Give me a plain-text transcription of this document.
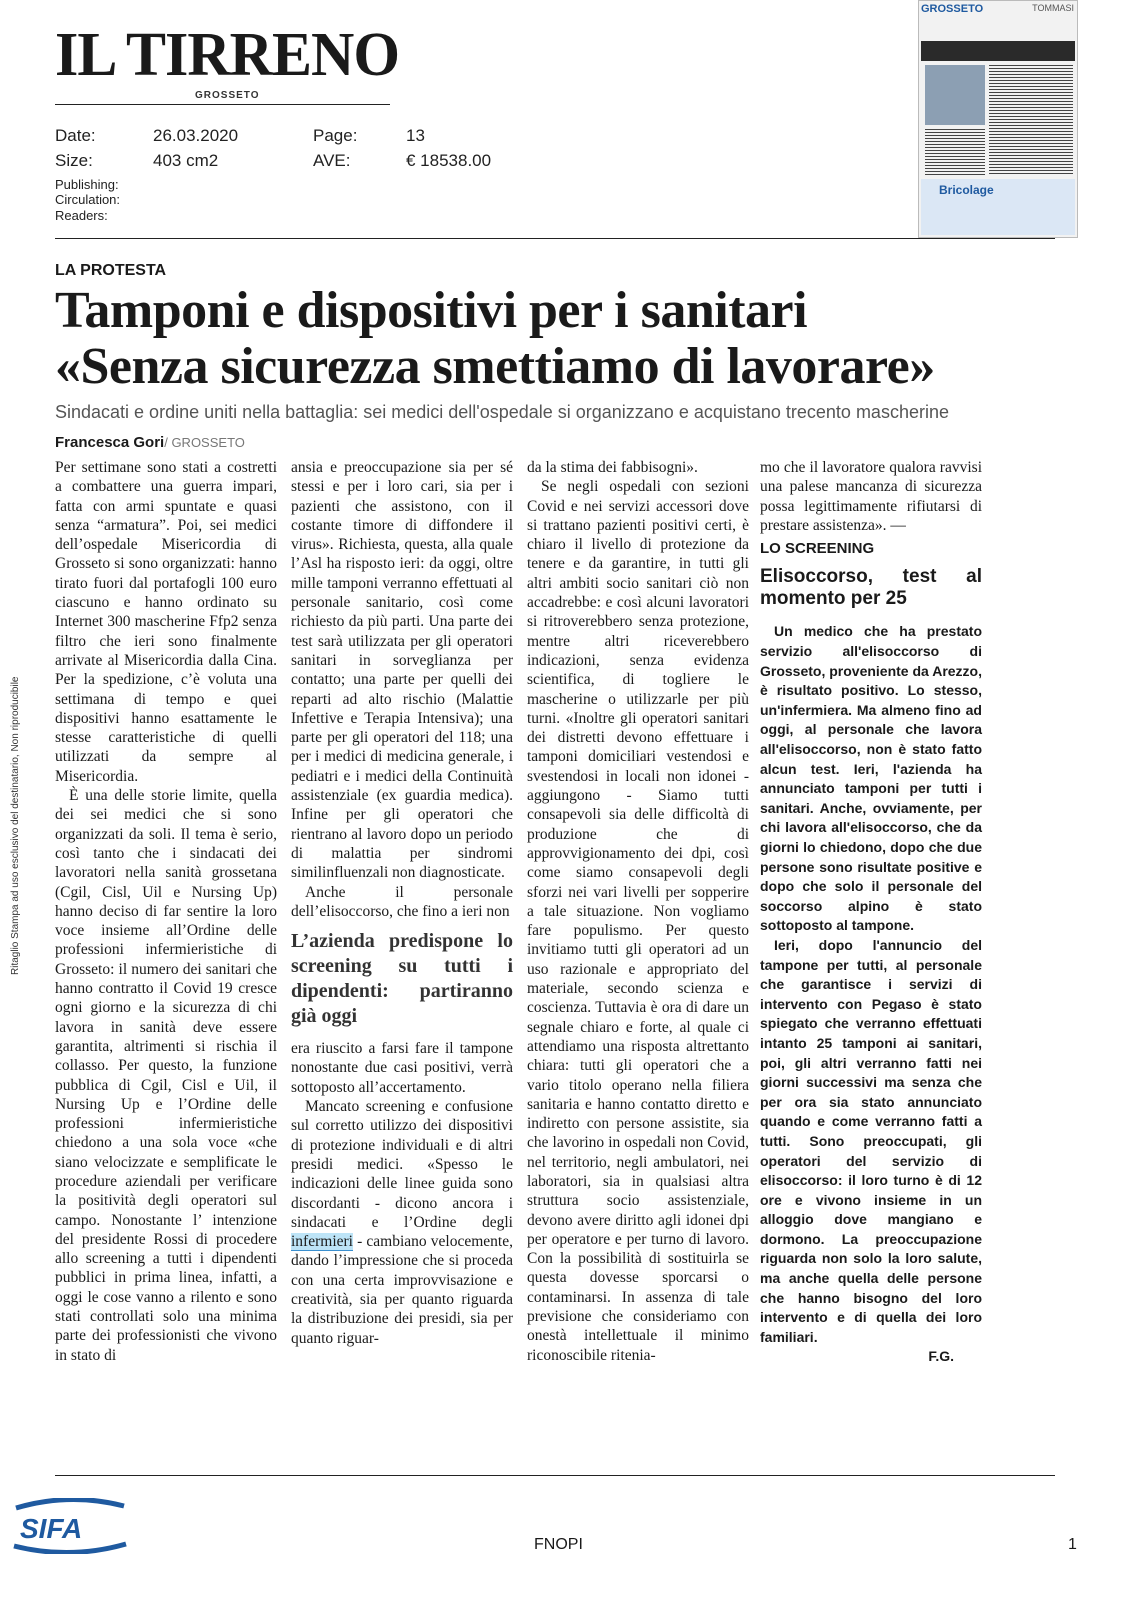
IL TIRRENO
GROSSETO
Date:	26.03.2020	Page:	13
Size:	403 cm2	AVE:	€ 18538.00
Publishing:
Circulation:
Readers:
GROSSETO	TOMMASI
Bricolage
LA PROTESTA
Tamponi e dispositivi per i sanitari
«Senza sicurezza smettiamo di lavorare»
Sindacati e ordine uniti nella battaglia: sei medici dell'ospedale si organizzano e acquistano trecento mascherine
Francesca Gori/ GROSSETO

Per settimane sono stati a costretti a combattere una guerra impari, fatta con armi spuntate e quasi senza “armatura”. Poi, sei medici dell’ospedale Misericordia di Grosseto si sono organizzati: hanno tirato fuori dal portafogli 100 euro ciascuno e hanno ordinato su Internet 300 mascherine Ffp2 senza filtro che ieri sono finalmente arrivate al Misericordia dalla Cina. Per la spedizione, c’è voluta una settimana di tempo e quei dispositivi hanno esattamente le stesse caratteristiche di quelli utilizzati da sempre al Misericordia.

È una delle storie limite, quella dei sei medici che si sono organizzati da soli. Il tema è serio, così tanto che i sindacati dei lavoratori nella sanità grossetana (Cgil, Cisl, Uil e Nursing Up) hanno deciso di far sentire la loro voce insieme all’Ordine delle professioni infermieristiche di Grosseto: il numero dei sanitari che hanno contratto il Covid 19 cresce ogni giorno e la sicurezza di chi lavora in sanità deve essere garantita, altrimenti si rischia il collasso. Per questo, la funzione pubblica di Cgil, Cisl e Uil, il Nursing Up e l’Ordine delle professioni infermieristiche chiedono a una sola voce «che siano velocizzate e semplificate le procedure aziendali per verificare la positività degli operatori sul campo. Nonostante l’ intenzione del presidente Rossi di procedere allo screening a tutti i dipendenti pubblici in prima linea, infatti, a oggi le cose vanno a rilento e sono stati controllati solo una minima parte dei professionisti che vivono in stato di

ansia e preoccupazione sia per sé stessi e per i loro cari, sia per i pazienti che assistono, con il costante timore di diffondere il virus». Richiesta, questa, alla quale l’Asl ha risposto ieri: da oggi, oltre mille tamponi verranno effettuati al personale sanitario, così come richiesto da più parti. Una parte dei test sarà utilizzata per gli operatori sanitari in sorveglianza per contatto; una parte per quelli dei reparti ad alto rischio (Malattie Infettive e Terapia Intensiva); una parte per gli operatori del 118; una per i medici di medicina generale, i pediatri e i medici della Continuità assistenziale (ex guardia medica). Infine per gli operatori che rientrano al lavoro dopo un periodo di malattia per sindromi similinfluenzali non diagnosticate.

Anche il personale dell’elisoccorso, che fino a ieri non

L’azienda predispone lo screening su tutti i dipendenti: partiranno già oggi

era riuscito a farsi fare il tampone nonostante due casi positivi, verrà sottoposto all’accertamento.

Mancato screening e confusione sul corretto utilizzo dei dispositivi di protezione individuali e di altri presidi medici. «Spesso le indicazioni delle linee guida sono discordanti - dicono ancora i sindacati e l’Ordine degli infermieri - cambiano velocemente, dando l’impressione che si proceda con una certa improvvisazione e creatività, sia per quanto riguarda la distribuzione dei presidi, sia per quanto riguar-

da la stima dei fabbisogni».

Se negli ospedali con sezioni Covid e nei servizi accessori dove si trattano pazienti positivi certi, è chiaro il livello di protezione da tenere e da garantire, in tutti gli altri ambiti socio sanitari ciò non accadrebbe: e così alcuni lavoratori si ritroverebbero senza protezione, mentre altri riceverebbero indicazioni, senza evidenza scientifica, di togliere le mascherine o utilizzarle per più turni. «Inoltre gli operatori sanitari dei distretti devono effettuare i tamponi domiciliari vestendosi e svestendosi in locali non idonei - aggiungono - Siamo tutti consapevoli sia delle difficoltà di produzione che di approvvigionamento dei dpi, così come siamo consapevoli degli sforzi nei vari livelli per sopperire a tale situazione. Non vogliamo fare populismo. Per questo invitiamo tutti gli operatori ad un uso razionale e appropriato del materiale, secondo scienza e coscienza. Tuttavia è ora di dare un segnale chiaro e forte, al quale ci attendiamo una risposta altrettanto chiara: tutti gli operatori che a vario titolo operano nella filiera sanitaria e hanno contatto diretto e indiretto con persone assistite, sia che lavorino in ospedali non Covid, nel territorio, negli ambulatori, nei laboratori, sia in qualsiasi altra struttura socio assistenziale, devono avere diritto agli idonei dpi per operatore e per turno di lavoro. Con la possibilità di sostituirla se questa dovesse sporcarsi o contaminarsi. In assenza di tale previsione che consideriamo con onestà intellettuale il minimo riconoscibile ritenia-

mo che il lavoratore qualora ravvisi una palese mancanza di sicurezza possa legittimamente rifiutarsi di prestare assistenza». —

LO SCREENING
Elisoccorso, test al momento per 25

Un medico che ha prestato servizio all'elisoccorso di Grosseto, proveniente da Arezzo, è risultato positivo. Lo stesso, un'infermiera. Ma almeno fino ad oggi, al personale che lavora all'elisoccorso, non è stato fatto alcun test. Ieri, l'azienda ha annunciato tamponi per tutti i sanitari. Anche, ovviamente, per chi lavora all'elisoccorso, che da giorni lo chiedono, dopo che due persone sono risultate positive e dopo che solo il personale del soccorso alpino è stato sottoposto al tampone.

Ieri, dopo l'annuncio del tampone per tutti, al personale che garantisce i servizi di intervento con Pegaso è stato spiegato che verranno effettuati intanto 25 tamponi ai sanitari, poi, gli altri verranno fatti nei giorni successivi ma senza che per ora sia stato annunciato quando e come verranno fatti a tutti. Sono preoccupati, gli operatori del servizio di elisoccorso: il loro turno è di 12 ore e vivono insieme in un alloggio dove mangiano e dormono. La preoccupazione riguarda non solo la loro salute, ma anche quella delle persone che hanno bisogno del loro intervento e di quella dei loro familiari.

F.G.

Ritaglio Stampa ad uso esclusivo del destinatario, Non riproducibile
SIFA
FNOPI	1
